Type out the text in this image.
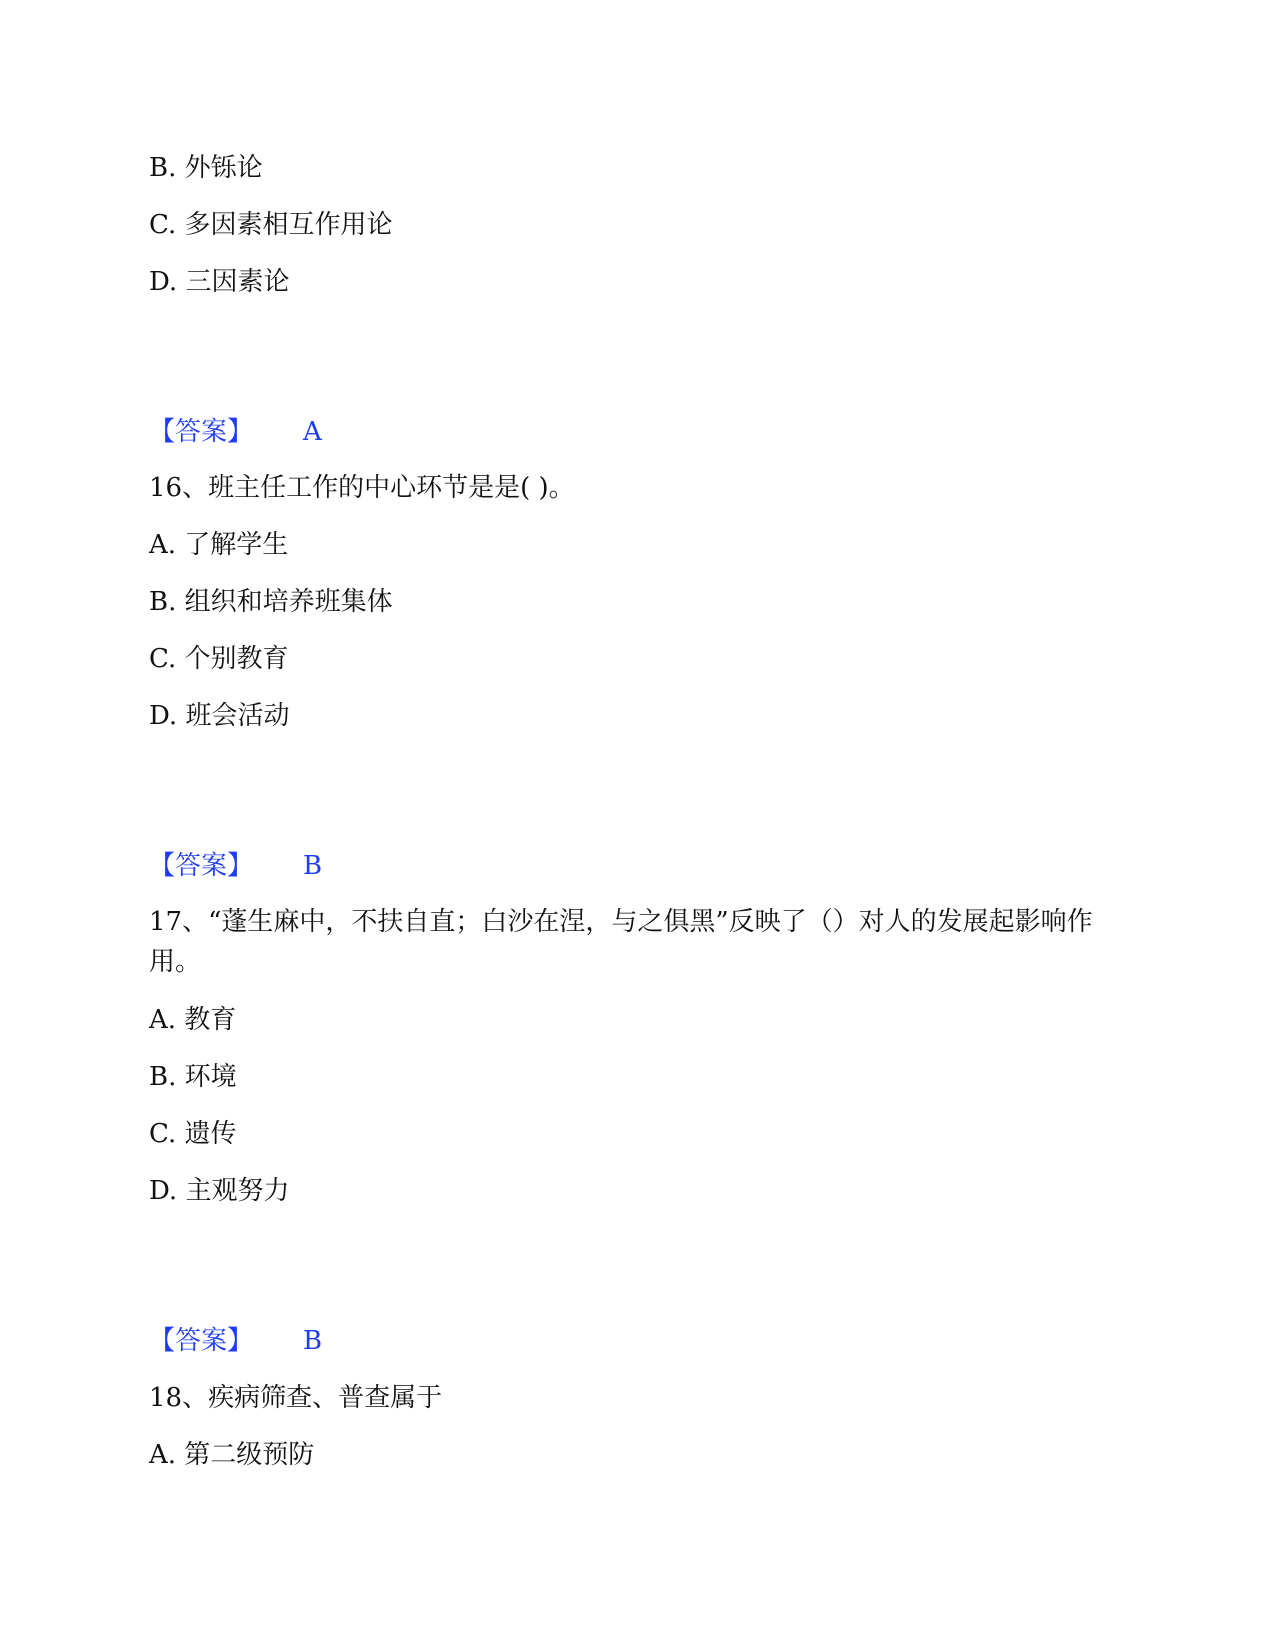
B. 外铄论
C. 多因素相互作用论
D. 三因素论
【答案】 A
16、班主任工作的中心环节是是( )。
A. 了解学生
B. 组织和培养班集体
C. 个别教育
D. 班会活动
【答案】 B
17、“蓬生麻中，不扶自直；白沙在涅，与之俱黑”反映了（）对人的发展起影响作用。
A. 教育
B. 环境
C. 遗传
D. 主观努力
【答案】 B
18、疾病筛查、普查属于
A. 第二级预防
